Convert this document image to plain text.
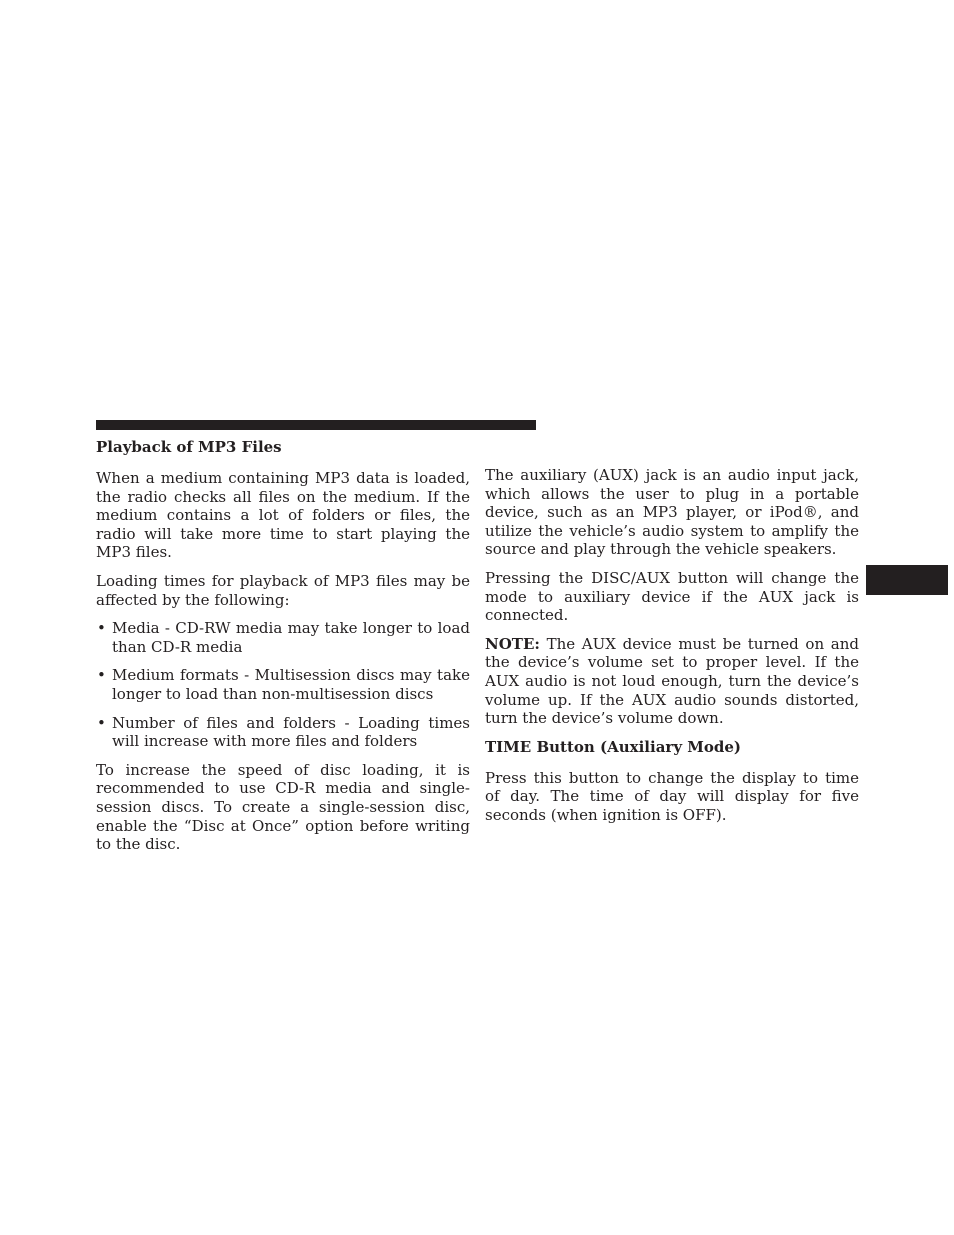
Playback of MP3 Files

When a medium containing MP3 data is loaded, the radio checks all files on the medium. If the medium contains a lot of folders or files, the radio will take more time to start playing the MP3 files.

Loading times for playback of MP3 files may be affected by the following:

• Media - CD-RW media may take longer to load than CD-R media
• Medium formats - Multisession discs may take longer to load than non-multisession discs
• Number of files and folders - Loading times will increase with more files and folders

To increase the speed of disc loading, it is recommended to use CD-R media and single-session discs. To create a single-session disc, enable the “Disc at Once” option before writing to the disc.

The auxiliary (AUX) jack is an audio input jack, which allows the user to plug in a portable device, such as an MP3 player, or iPod®, and utilize the vehicle’s audio system to amplify the source and play through the vehicle speakers.

Pressing the DISC/AUX button will change the mode to auxiliary device if the AUX jack is connected.

NOTE: The AUX device must be turned on and the device’s volume set to proper level. If the AUX audio is not loud enough, turn the device’s volume up. If the AUX audio sounds distorted, turn the device’s volume down.

TIME Button (Auxiliary Mode)

Press this button to change the display to time of day. The time of day will display for five seconds (when ignition is OFF).
